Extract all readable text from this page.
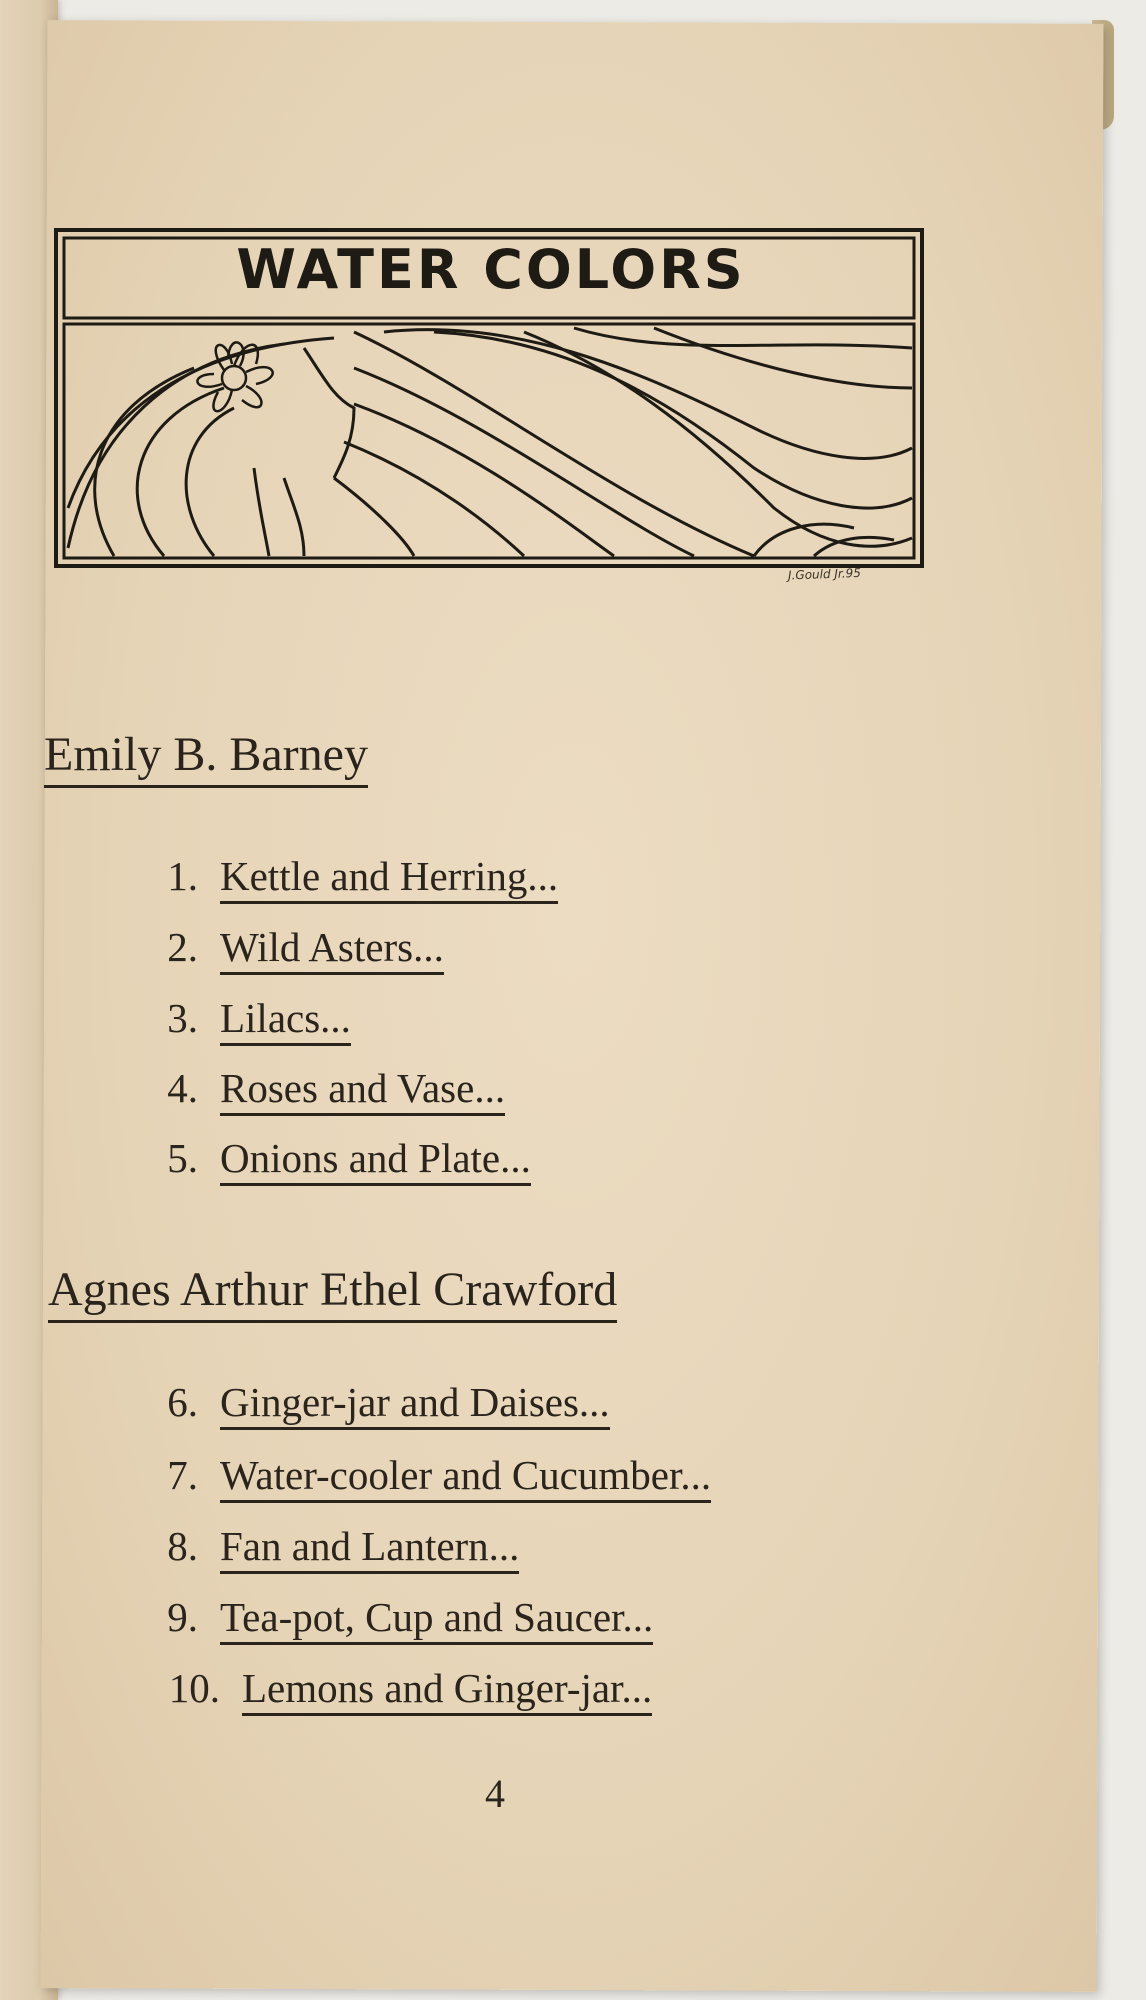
WATER COLORS
J.Gould Jr.95
Emily B. Barney
1. Kettle and Herring...
2. Wild Asters...
3. Lilacs...
4. Roses and Vase...
5. Onions and Plate...
Agnes Arthur Ethel Crawford
6. Ginger-jar and Daises...
7. Water-cooler and Cucumber...
8. Fan and Lantern...
9. Tea-pot, Cup and Saucer...
10. Lemons and Ginger-jar...
4
